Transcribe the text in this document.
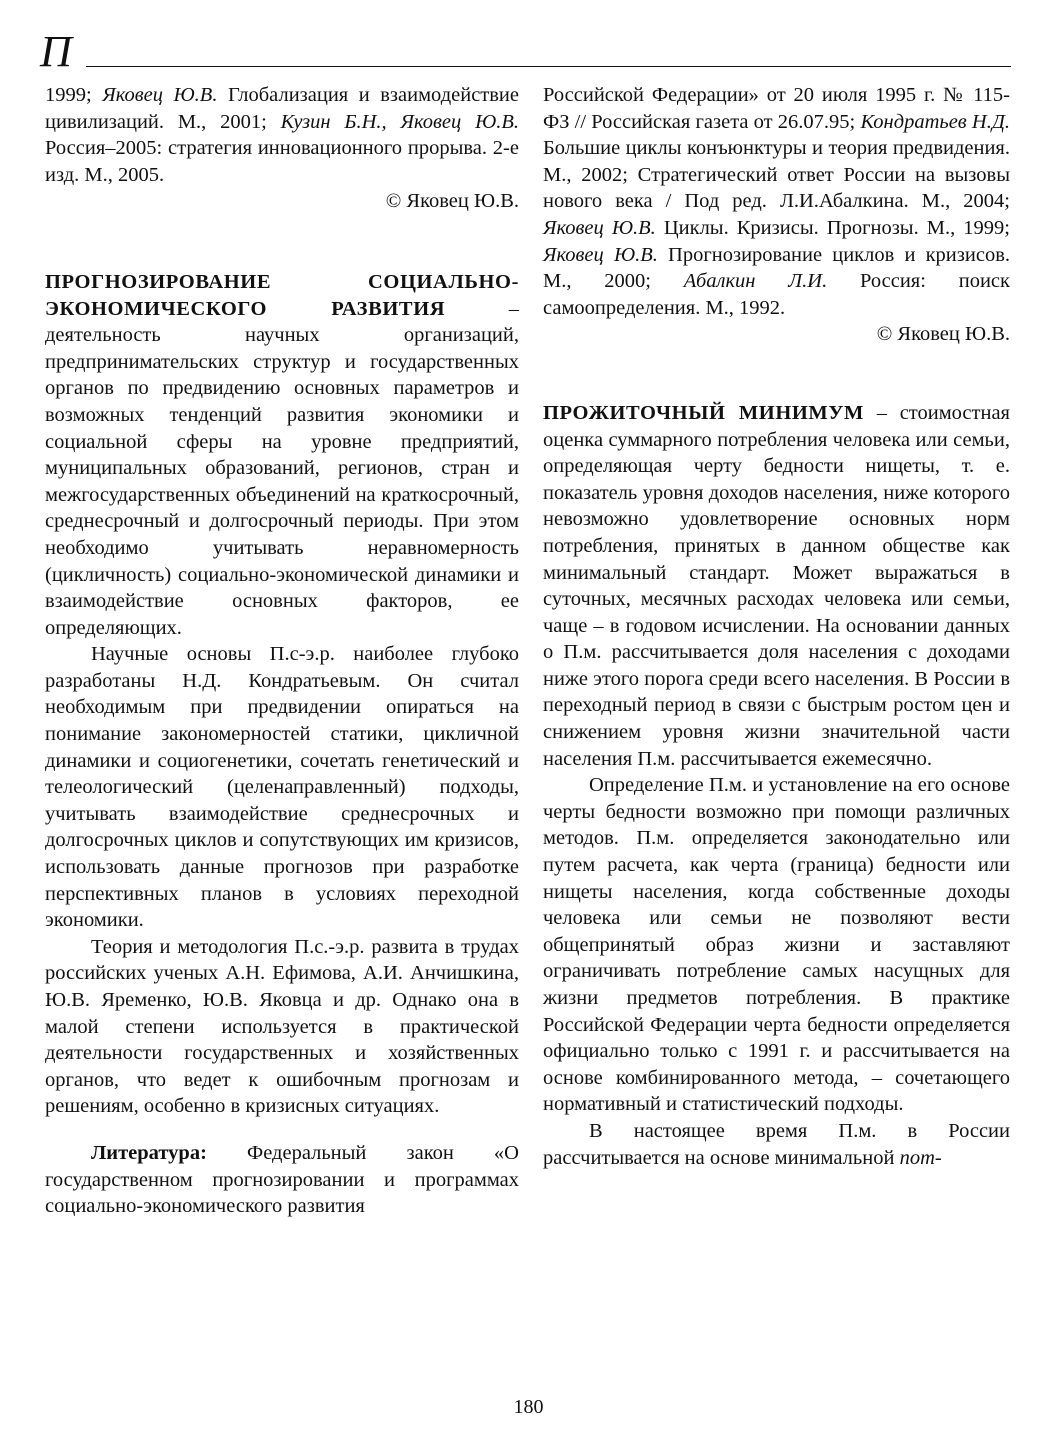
П

1999; Яковец Ю.В. Глобализация и взаимодействие цивилизаций. М., 2001; Кузин Б.Н., Яковец Ю.В. Россия–2005: стратегия инновационного прорыва. 2-е изд. М., 2005.

© Яковец Ю.В.

ПРОГНОЗИРОВАНИЕ СОЦИАЛЬНО-ЭКОНОМИЧЕСКОГО РАЗВИТИЯ – деятельность научных организаций, предпринимательских структур и государственных органов по предвидению основных параметров и возможных тенденций развития экономики и социальной сферы на уровне предприятий, муниципальных образований, регионов, стран и межгосударственных объединений на краткосрочный, среднесрочный и долгосрочный периоды. При этом необходимо учитывать неравномерность (цикличность) социально-экономической динамики и взаимодействие основных факторов, ее определяющих.

Научные основы П.с-э.р. наиболее глубоко разработаны Н.Д. Кондратьевым. Он считал необходимым при предвидении опираться на понимание закономерностей статики, цикличной динамики и социогенетики, сочетать генетический и телеологический (целенаправленный) подходы, учитывать взаимодействие среднесрочных и долгосрочных циклов и сопутствующих им кризисов, использовать данные прогнозов при разработке перспективных планов в условиях переходной экономики.

Теория и методология П.с.-э.р. развита в трудах российских ученых А.Н. Ефимова, А.И. Анчишкина, Ю.В. Яременко, Ю.В. Яковца и др. Однако она в малой степени используется в практической деятельности государственных и хозяйственных органов, что ведет к ошибочным прогнозам и решениям, особенно в кризисных ситуациях.

Литература: Федеральный закон «О государственном прогнозировании и программах социально-экономического развития

Российской Федерации» от 20 июля 1995 г. № 115-ФЗ // Российская газета от 26.07.95; Кондратьев Н.Д. Большие циклы конъюнктуры и теория предвидения. М., 2002; Стратегический ответ России на вызовы нового века / Под ред. Л.И.Абалкина. М., 2004; Яковец Ю.В. Циклы. Кризисы. Прогнозы. М., 1999; Яковец Ю.В. Прогнозирование циклов и кризисов. М., 2000; Абалкин Л.И. Россия: поиск самоопределения. М., 1992.

© Яковец Ю.В.

ПРОЖИТОЧНЫЙ МИНИМУМ – стоимостная оценка суммарного потребления человека или семьи, определяющая черту бедности нищеты, т. е. показатель уровня доходов населения, ниже которого невозможно удовлетворение основных норм потребления, принятых в данном обществе как минимальный стандарт. Может выражаться в суточных, месячных расходах человека или семьи, чаще – в годовом исчислении. На основании данных о П.м. рассчитывается доля населения с доходами ниже этого порога среди всего населения. В России в переходный период в связи с быстрым ростом цен и снижением уровня жизни значительной части населения П.м. рассчитывается ежемесячно.

Определение П.м. и установление на его основе черты бедности возможно при помощи различных методов. П.м. определяется законодательно или путем расчета, как черта (граница) бедности или нищеты населения, когда собственные доходы человека или семьи не позволяют вести общепринятый образ жизни и заставляют ограничивать потребление самых насущных для жизни предметов потребления. В практике Российской Федерации черта бедности определяется официально только с 1991 г. и рассчитывается на основе комбинированного метода, – сочетающего нормативный и статистический подходы.

В настоящее время П.м. в России рассчитывается на основе минимальной пот-

180
